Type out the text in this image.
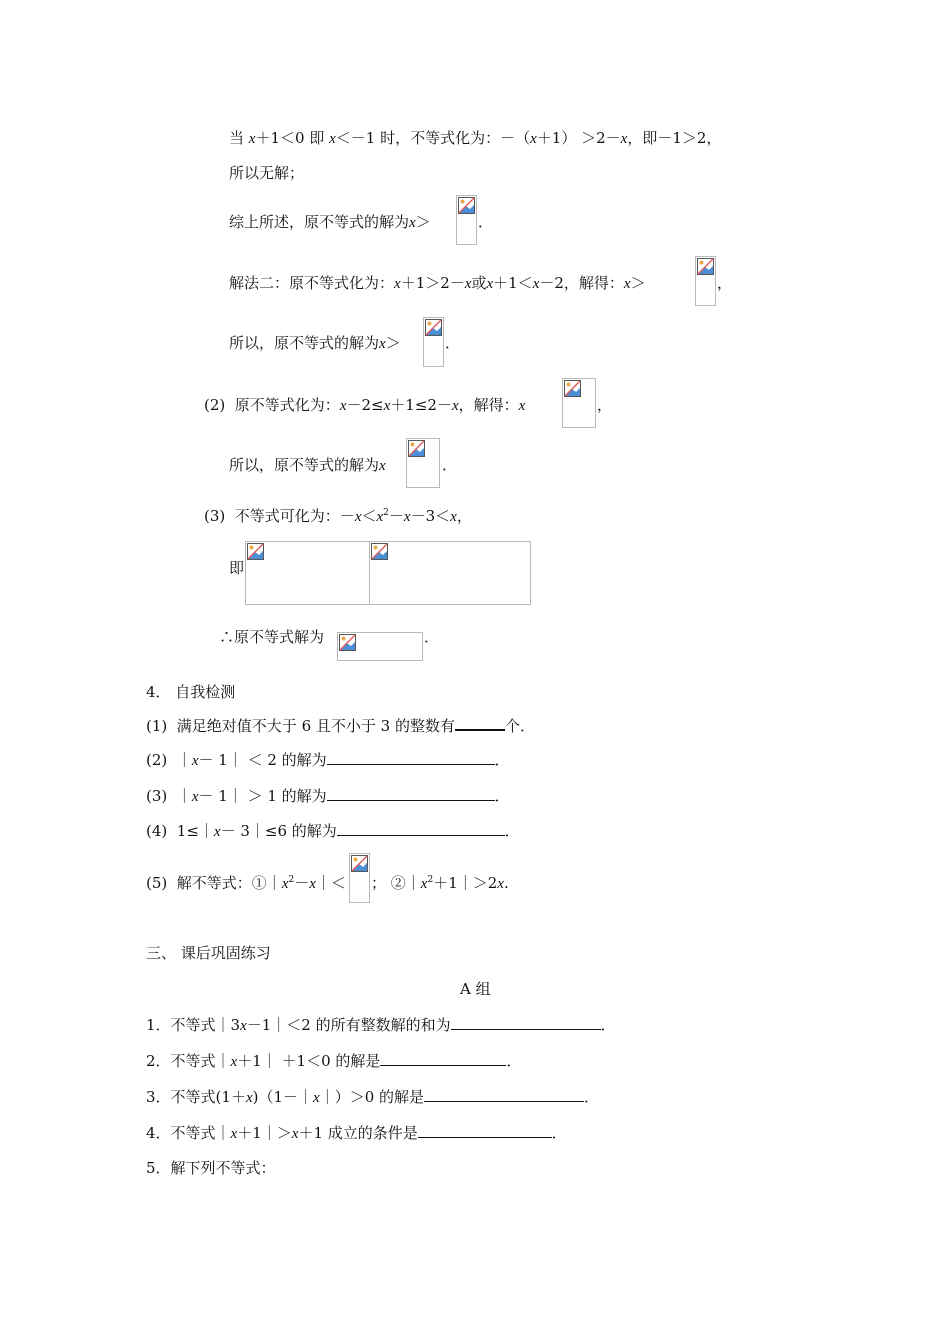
当 x＋1＜0 即 x＜－1 时，不等式化为：－（x＋1） ＞2－x，即－1＞2，
所以无解；
综上所述，原不等式的解为x＞	．
解法二：原不等式化为：x＋1＞2－x或x＋1＜x－2，解得：x＞	，
所以，原不等式的解为x＞	．
(2) 原不等式化为：x－2≤x＋1≤2－x，解得：x	，
所以，原不等式的解为x	．
(3) 不等式可化为：$-x<x^2-x-3<x$，
即
∴原不等式解为	．
4． 自我检测
(1) 满足绝对值不大于 6 且不小于 3 的整数有	个．
(2) ｜x－ 1｜ ＜ 2 的解为	．
(3) ｜x－ 1｜ ＞ 1 的解为	．
(4) 1≤｜x－ 3｜≤6 的解为	．
(5) 解不等式：$①|x^2-x|<$ ； $②|x^2+1|>2x$.
三、 课后巩固练习
A 组
1．不等式｜3x－1｜＜2 的所有整数解的和为	．
2．不等式｜x＋1｜ ＋1＜0 的解是	．
3．不等式(1＋x)（1－｜x｜）＞0 的解是	．
4．不等式｜x＋1｜＞x＋1 成立的条件是	．
5．解下列不等式：
